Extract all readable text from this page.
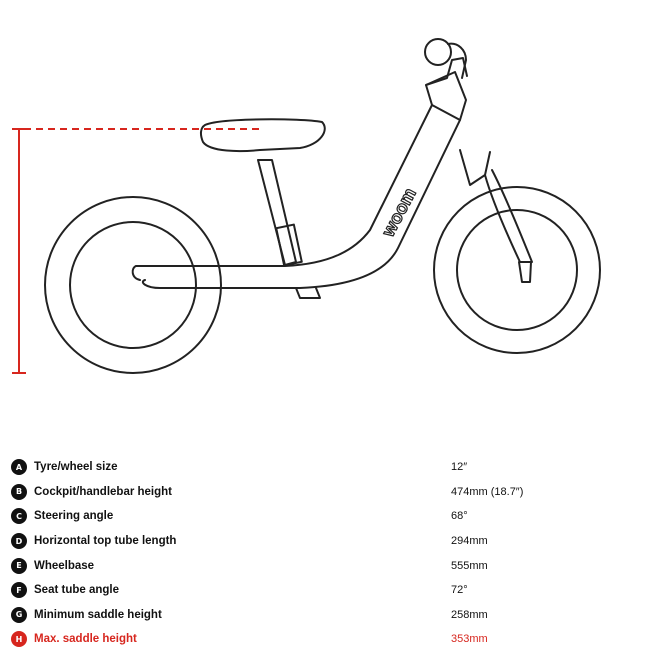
woom
A	Tyre/wheel size	12″
B	Cockpit/handlebar height	474mm (18.7″)
C	Steering angle	68°
D	Horizontal top tube length	294mm
E	Wheelbase	555mm
F	Seat tube angle	72°
G	Minimum saddle height	258mm
H	Max. saddle height	353mm
